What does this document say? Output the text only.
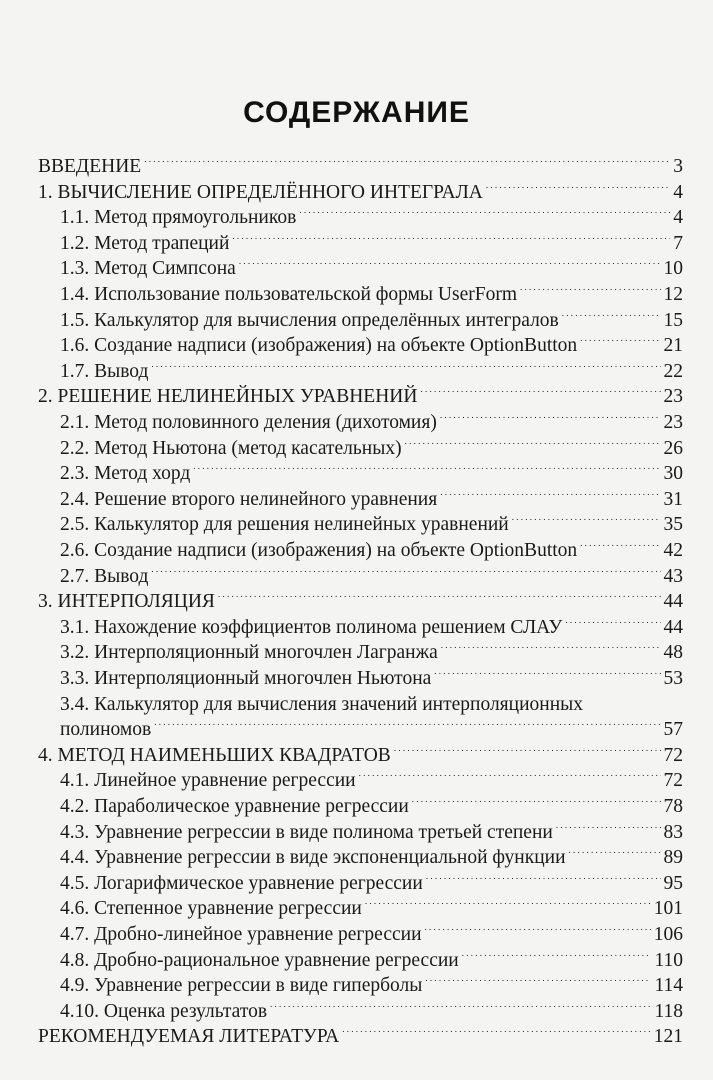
СОДЕРЖАНИЕ
ВВЕДЕНИЕ . . .	3
1. ВЫЧИСЛЕНИЕ ОПРЕДЕЛЁННОГО ИНТЕГРАЛА . . .	4
1.1. Метод прямоугольников . . .	4
1.2. Метод трапеций . . .	7
1.3. Метод Симпсона . . .	10
1.4. Использование пользовательской формы UserForm . . .	12
1.5. Калькулятор для вычисления определённых интегралов . . .	15
1.6. Создание надписи (изображения) на объекте OptionButton . . .	21
1.7. Вывод . . .	22
2. РЕШЕНИЕ НЕЛИНЕЙНЫХ УРАВНЕНИЙ . . .	23
2.1. Метод половинного деления (дихотомия) . . .	23
2.2. Метод Ньютона (метод касательных) . . .	26
2.3. Метод хорд . . .	30
2.4. Решение второго нелинейного уравнения . . .	31
2.5. Калькулятор для решения нелинейных уравнений . . .	35
2.6. Создание надписи (изображения) на объекте OptionButton . . .	42
2.7. Вывод . . .	43
3. ИНТЕРПОЛЯЦИЯ . . .	44
3.1. Нахождение коэффициентов полинома решением СЛАУ . . .	44
3.2. Интерполяционный многочлен Лагранжа . . .	48
3.3. Интерполяционный многочлен Ньютона . . .	53
3.4. Калькулятор для вычисления значений интерполяционных
полиномов . . .	57
4. МЕТОД НАИМЕНЬШИХ КВАДРАТОВ . . .	72
4.1. Линейное уравнение регрессии . . .	72
4.2. Параболическое уравнение регрессии . . .	78
4.3. Уравнение регрессии в виде полинома третьей степени . . .	83
4.4. Уравнение регрессии в виде экспоненциальной функции . . .	89
4.5. Логарифмическое уравнение регрессии . . .	95
4.6. Степенное уравнение регрессии . . .	101
4.7. Дробно-линейное уравнение регрессии . . .	106
4.8. Дробно-рациональное уравнение регрессии . . .	110
4.9. Уравнение регрессии в виде гиперболы . . .	114
4.10. Оценка результатов . . .	118
РЕКОМЕНДУЕМАЯ ЛИТЕРАТУРА . . .	121
